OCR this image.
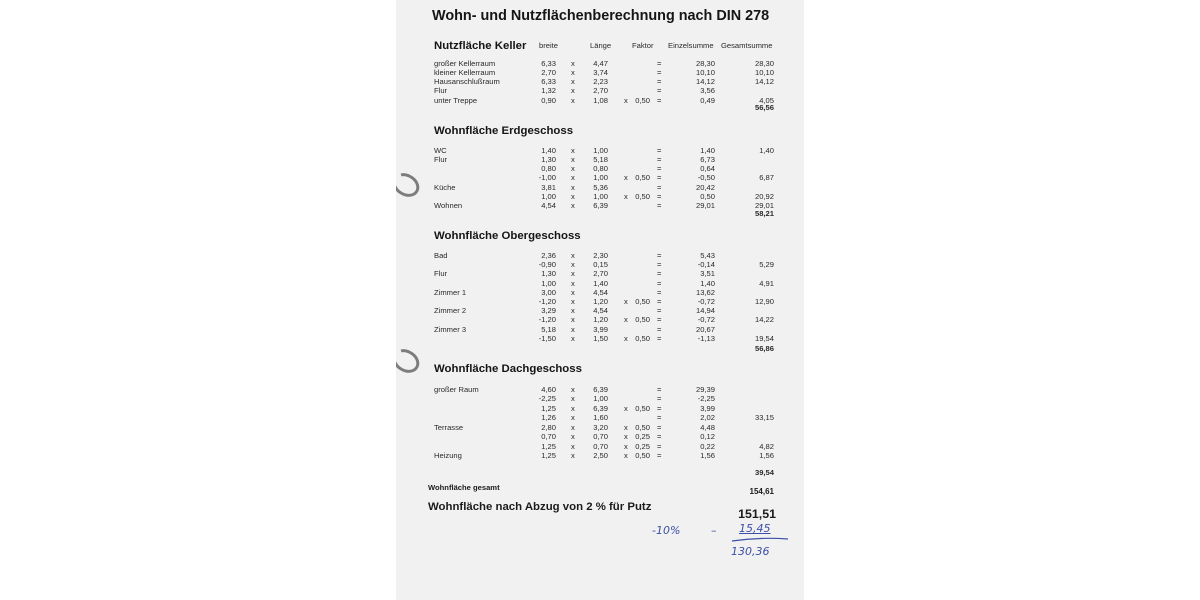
Wohn- und Nutzflächenberechnung nach DIN 278
breite	Länge	Faktor Einzelsumme Gesamtsumme
Nutzfläche Keller
großer Kellerraum	6,33 x 4,47	=	28,30	28,30
kleiner Kellerraum	2,70 x 3,74	=	10,10	10,10
Hausanschlußraum	6,33 x 2,23	=	14,12	14,12
Flur	1,32 x 2,70	=	3,56
unter Treppe	0,90 x 1,08 x 0,50 =	0,49	4,05
56,56
Wohnfläche Erdgeschoss
WC	1,40 x 1,00	=	1,40	1,40
Flur	1,30 x 5,18	=	6,73
0,80 x 0,80	=	0,64
-1,00 x 1,00 x 0,50 =	-0,50	6,87
Küche	3,81 x 5,36	=	20,42
1,00 x 1,00 x 0,50 =	0,50	20,92
Wohnen	4,54 x 6,39	=	29,01	29,01
58,21
Wohnfläche Obergeschoss
Bad	2,36 x 2,30	=	5,43
-0,90 x 0,15	=	-0,14	5,29
Flur	1,30 x 2,70	=	3,51
1,00 x 1,40	=	1,40	4,91
Zimmer 1	3,00 x 4,54	=	13,62
-1,20 x 1,20 x 0,50 =	-0,72	12,90
Zimmer 2	3,29 x 4,54	=	14,94
-1,20 x 1,20 x 0,50 =	-0,72	14,22
Zimmer 3	5,18 x 3,99	=	20,67
-1,50 x 1,50 x 0,50 =	-1,13	19,54
56,86
Wohnfläche Dachgeschoss
großer Raum	4,60 x 6,39	=	29,39
-2,25 x 1,00	=	-2,25
1,25 x 6,39 x 0,50 =	3,99
1,26 x 1,60	=	2,02	33,15
Terrasse	2,80 x 3,20 x 0,50 =	4,48
0,70 x 0,70 x 0,25 =	0,12
1,25 x 0,70 x 0,25 =	0,22	4,82
Heizung	1,25 x 2,50 x 0,50 =	1,56	1,56
39,54
Wohnfläche gesamt	154,61
Wohnfläche nach Abzug von 2 % für Putz	151,51
-10%	– 15,45
130,36
